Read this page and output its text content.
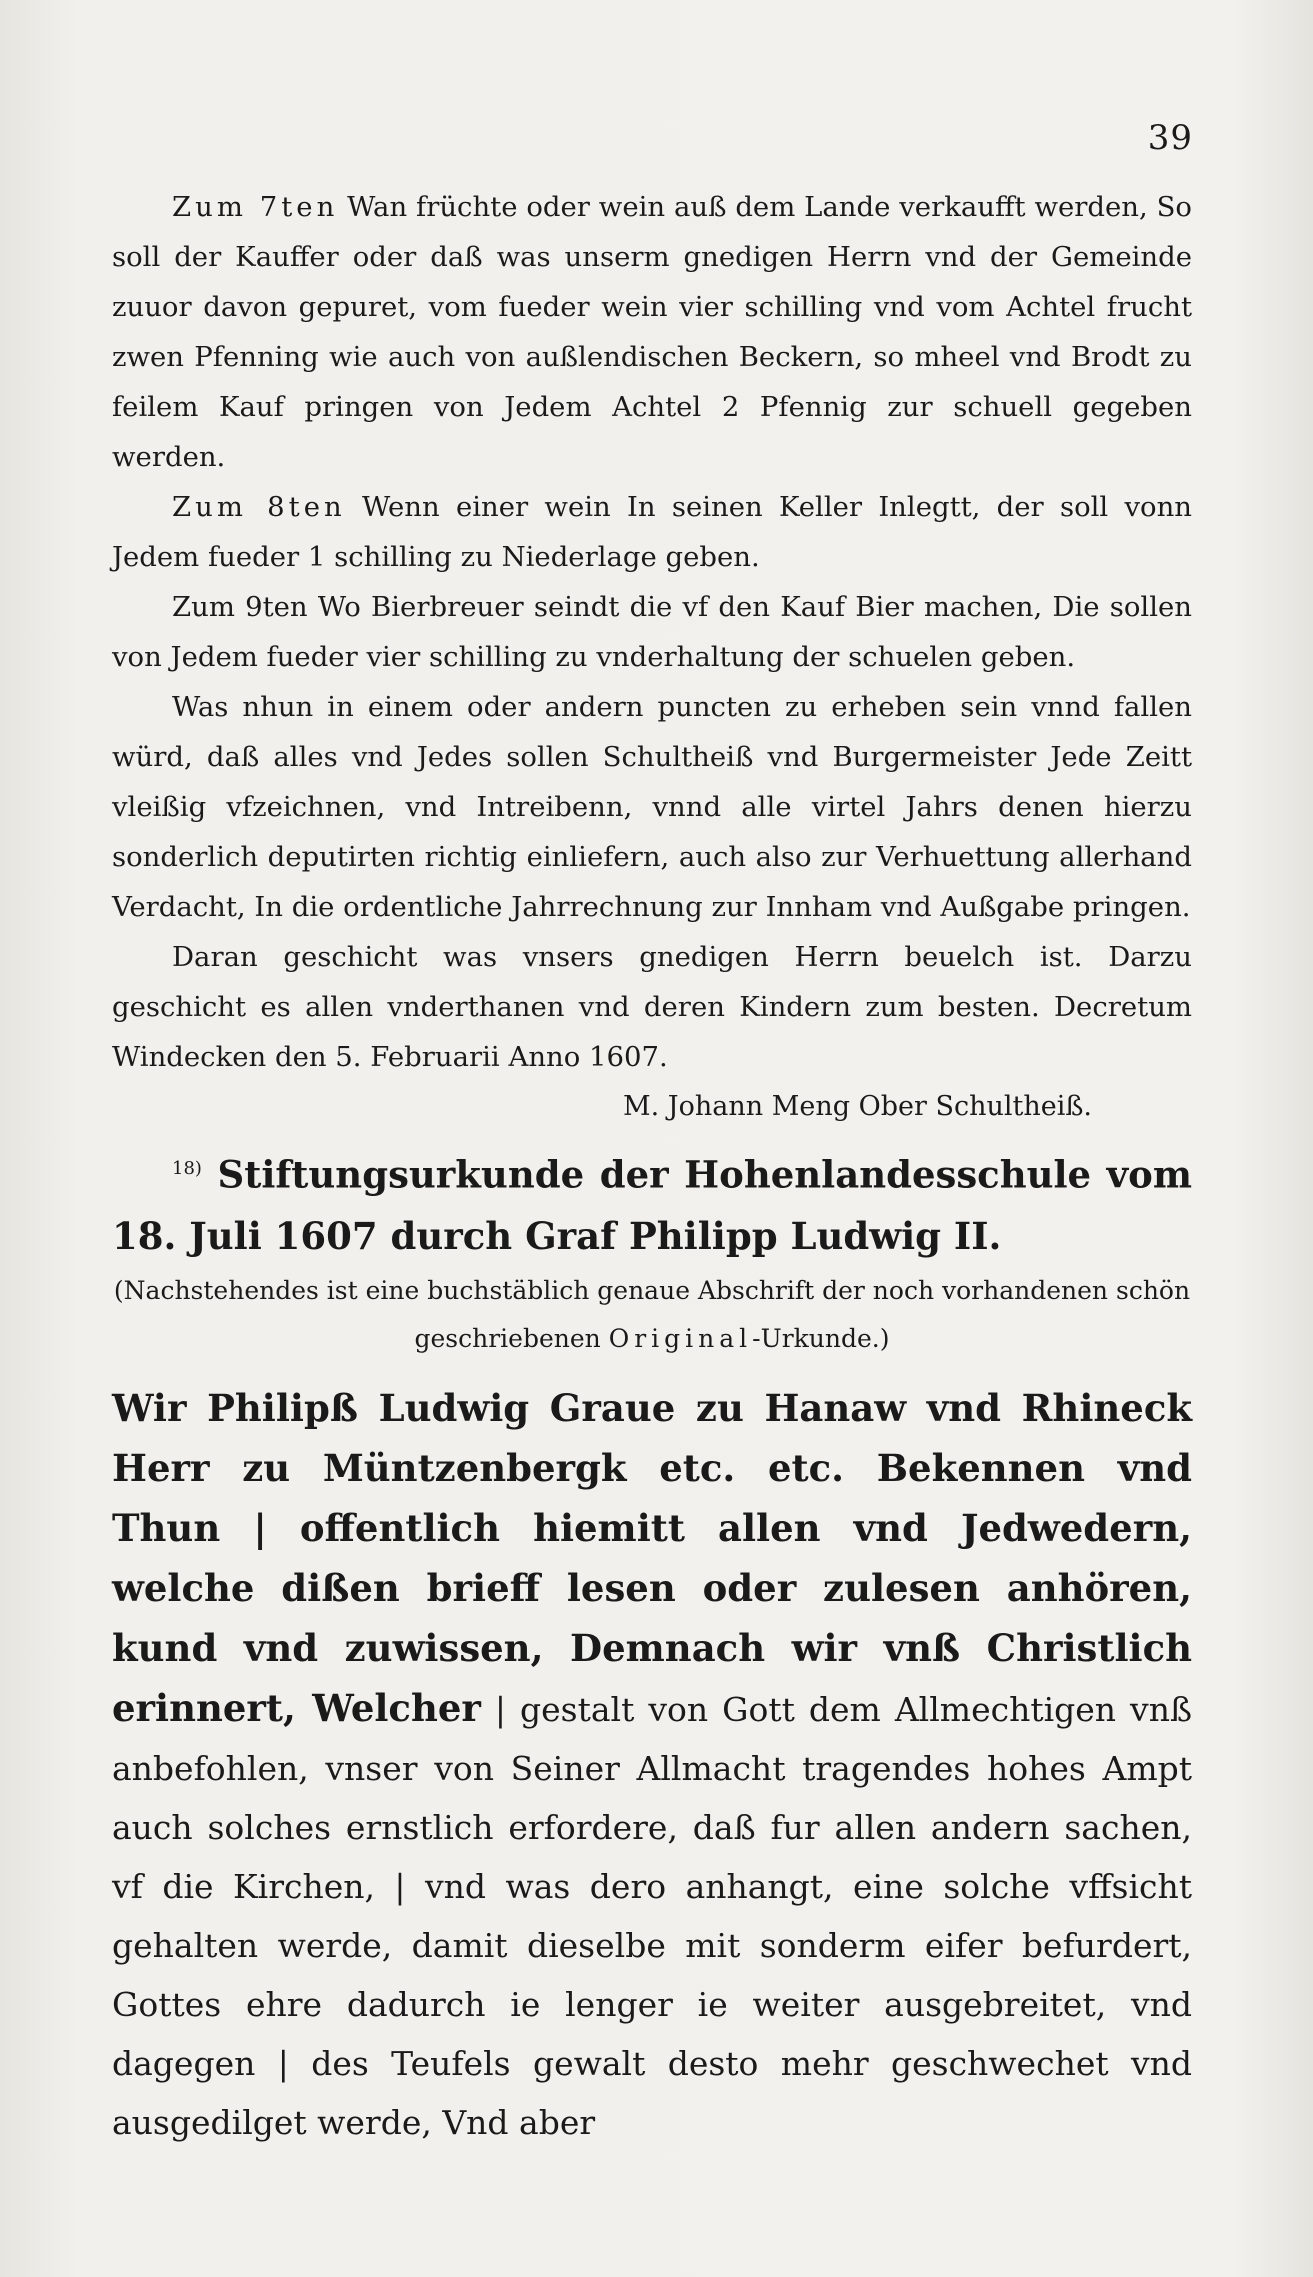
39

Zum 7ten Wan früchte oder wein auß dem Lande verkaufft werden, So soll der Kauffer oder daß was unserm gnedigen Herrn vnd der Gemeinde zuuor davon gepuret, vom fueder wein vier schilling vnd vom Achtel frucht zwen Pfenning wie auch von außlendischen Beckern, so mheel vnd Brodt zu feilem Kauf pringen von Jedem Achtel 2 Pfennig zur schuell gegeben werden.

Zum 8ten Wenn einer wein In seinen Keller Inlegtt, der soll vonn Jedem fueder 1 schilling zu Niederlage geben.

Zum 9ten Wo Bierbreuer seindt die vf den Kauf Bier machen, Die sollen von Jedem fueder vier schilling zu vnderhaltung der schuelen geben.

Was nhun in einem oder andern puncten zu erheben sein vnnd fallen würd, daß alles vnd Jedes sollen Schultheiß vnd Burgermeister Jede Zeitt vleißig vfzeichnen, vnd Intreibenn, vnnd alle virtel Jahrs denen hierzu sonderlich deputirten richtig einliefern, auch also zur Verhuettung allerhand Verdacht, In die ordentliche Jahrrechnung zur Innham vnd Außgabe pringen.

Daran geschicht was vnsers gnedigen Herrn beuelch ist. Darzu geschicht es allen vnderthanen vnd deren Kindern zum besten. Decretum Windecken den 5. Februarii Anno 1607.

M. Johann Meng Ober Schultheiß.

$^{18)}$ Stiftungsurkunde der Hohenlandesschule vom 18. Juli 1607 durch Graf Philipp Ludwig II.

(Nachstehendes ist eine buchstäblich genaue Abschrift der noch vorhandenen schön geschriebenen Original-Urkunde.)

Wir Philipß Ludwig Graue zu Hanaw vnd Rhineck Herr zu Müntzenbergk etc. etc. Bekennen vnd Thun | offentlich hiemitt allen vnd Jedwedern, welche dißen brieff lesen oder zulesen anhören, kund vnd zuwissen, Demnach wir vnß Christlich erinnert, Welcher | gestalt von Gott dem Allmechtigen vnß anbefohlen, vnser von Seiner Allmacht tragendes hohes Ampt auch solches ernstlich erfordere, daß fur allen andern sachen, vf die Kirchen, | vnd was dero anhangt, eine solche vffsicht gehalten werde, damit dieselbe mit sonderm eifer befurdert, Gottes ehre dadurch ie lenger ie weiter ausgebreitet, vnd dagegen | des Teufels gewalt desto mehr geschwechet vnd ausgedilget werde, Vnd aber
